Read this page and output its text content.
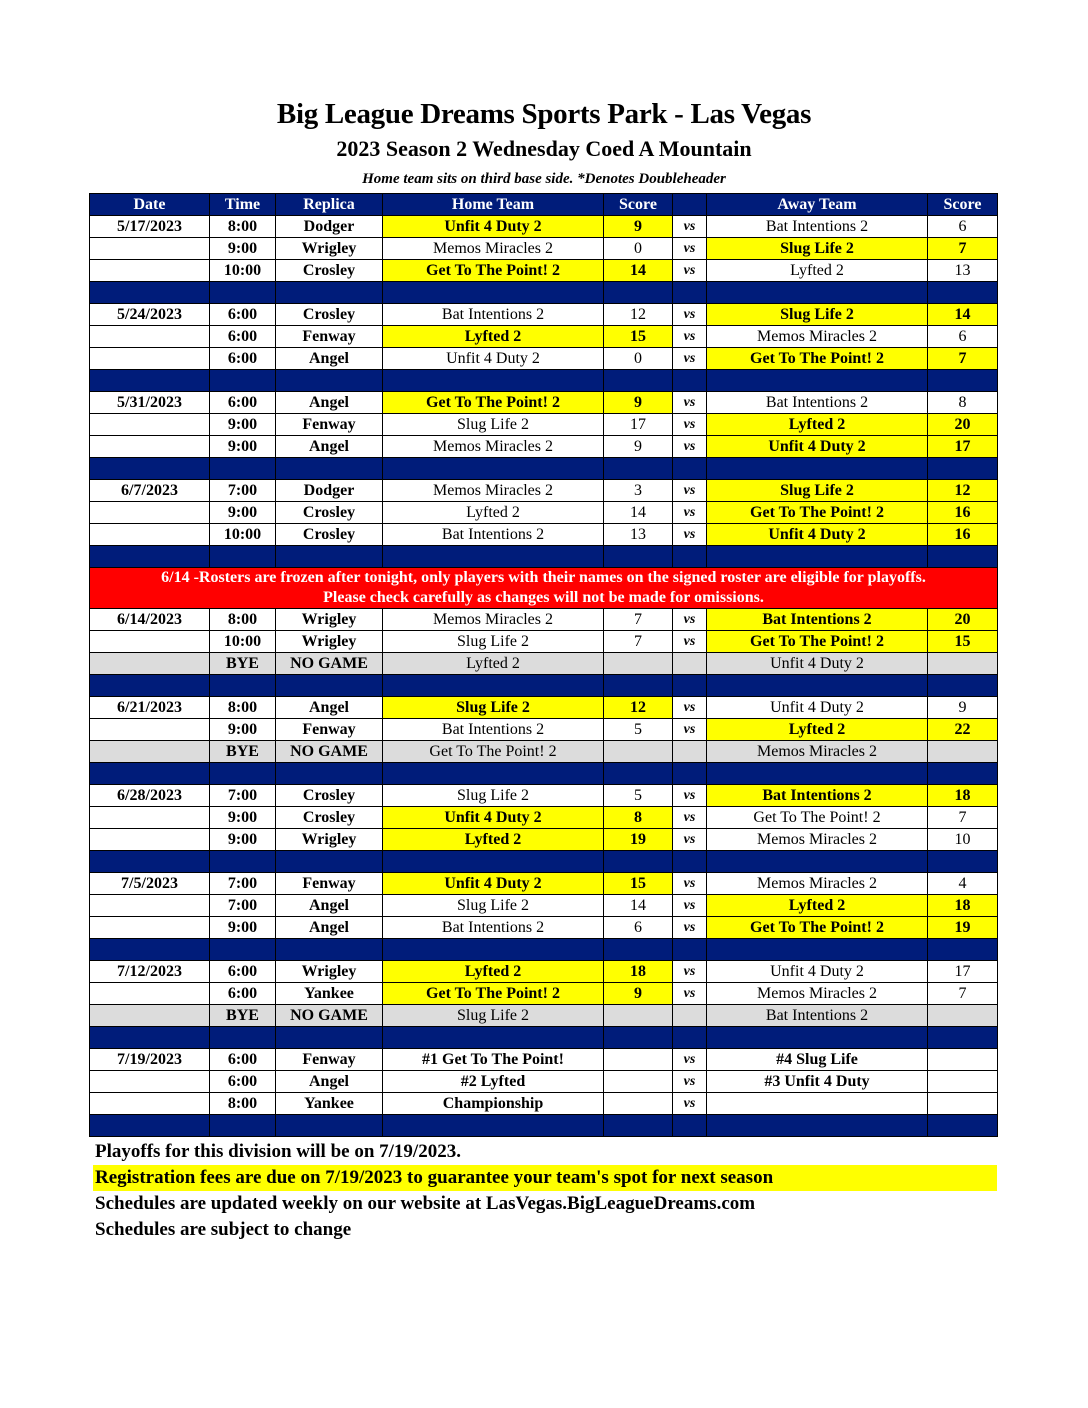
Big League Dreams Sports Park - Las Vegas
2023 Season 2 Wednesday Coed A Mountain
Home team sits on third base side. *Denotes Doubleheader
Date	Time	Replica	Home Team	Score		Away Team	Score
5/17/2023	8:00	Dodger	Unfit 4 Duty 2	9	vs	Bat Intentions 2	6
	9:00	Wrigley	Memos Miracles 2	0	vs	Slug Life 2	7
	10:00	Crosley	Get To The Point! 2	14	vs	Lyfted 2	13

5/24/2023	6:00	Crosley	Bat Intentions 2	12	vs	Slug Life 2	14
	6:00	Fenway	Lyfted 2	15	vs	Memos Miracles 2	6
	6:00	Angel	Unfit 4 Duty 2	0	vs	Get To The Point! 2	7

5/31/2023	6:00	Angel	Get To The Point! 2	9	vs	Bat Intentions 2	8
	9:00	Fenway	Slug Life 2	17	vs	Lyfted 2	20
	9:00	Angel	Memos Miracles 2	9	vs	Unfit 4 Duty 2	17

6/7/2023	7:00	Dodger	Memos Miracles 2	3	vs	Slug Life 2	12
	9:00	Crosley	Lyfted 2	14	vs	Get To The Point! 2	16
	10:00	Crosley	Bat Intentions 2	13	vs	Unfit 4 Duty 2	16

6/14 -Rosters are frozen after tonight, only players with their names on the signed roster are eligible for playoffs.
Please check carefully as changes will not be made for omissions.							

6/14/2023	8:00	Wrigley	Memos Miracles 2	7	vs	Bat Intentions 2	20
	10:00	Wrigley	Slug Life 2	7	vs	Get To The Point! 2	15
	BYE	NO GAME	Lyfted 2			Unfit 4 Duty 2	

6/21/2023	8:00	Angel	Slug Life 2	12	vs	Unfit 4 Duty 2	9
	9:00	Fenway	Bat Intentions 2	5	vs	Lyfted 2	22
	BYE	NO GAME	Get To The Point! 2			Memos Miracles 2	

6/28/2023	7:00	Crosley	Slug Life 2	5	vs	Bat Intentions 2	18
	9:00	Crosley	Unfit 4 Duty 2	8	vs	Get To The Point! 2	7
	9:00	Wrigley	Lyfted 2	19	vs	Memos Miracles 2	10

7/5/2023	7:00	Fenway	Unfit 4 Duty 2	15	vs	Memos Miracles 2	4
	7:00	Angel	Slug Life 2	14	vs	Lyfted 2	18
	9:00	Angel	Bat Intentions 2	6	vs	Get To The Point! 2	19

7/12/2023	6:00	Wrigley	Lyfted 2	18	vs	Unfit 4 Duty 2	17
	6:00	Yankee	Get To The Point! 2	9	vs	Memos Miracles 2	7
	BYE	NO GAME	Slug Life 2			Bat Intentions 2	

7/19/2023	6:00	Fenway	#1 Get To The Point!		vs	#4 Slug Life	
	6:00	Angel	#2 Lyfted		vs	#3 Unfit 4 Duty	
	8:00	Yankee	Championship		vs		

Playoffs for this division will be on 7/19/2023.
Registration fees are due on 7/19/2023 to guarantee your team's spot for next season
Schedules are updated weekly on our website at LasVegas.BigLeagueDreams.com
Schedules are subject to change
